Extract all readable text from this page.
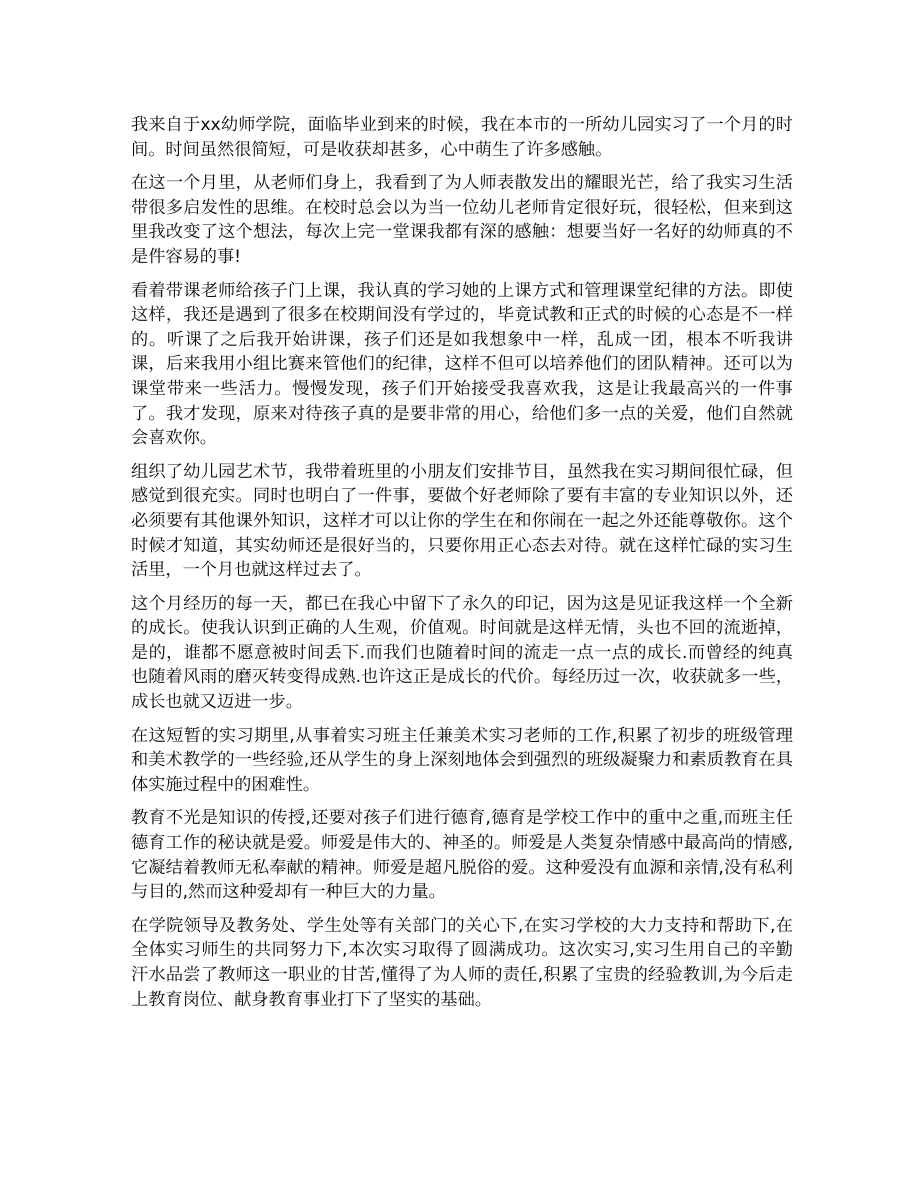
我来自于xx幼师学院，面临毕业到来的时候，我在本市的一所幼儿园实习了一个月的时间。时间虽然很简短，可是收获却甚多，心中萌生了许多感触。

在这一个月里，从老师们身上，我看到了为人师表散发出的耀眼光芒，给了我实习生活带很多启发性的思维。在校时总会以为当一位幼儿老师肯定很好玩，很轻松，但来到这里我改变了这个想法，每次上完一堂课我都有深的感触：想要当好一名好的幼师真的不是件容易的事!

看着带课老师给孩子门上课，我认真的学习她的上课方式和管理课堂纪律的方法。即使这样，我还是遇到了很多在校期间没有学过的，毕竟试教和正式的时候的心态是不一样的。听课了之后我开始讲课，孩子们还是如我想象中一样，乱成一团，根本不听我讲课，后来我用小组比赛来管他们的纪律，这样不但可以培养他们的团队精神。还可以为课堂带来一些活力。慢慢发现，孩子们开始接受我喜欢我，这是让我最高兴的一件事了。我才发现，原来对待孩子真的是要非常的用心，给他们多一点的关爱，他们自然就会喜欢你。

组织了幼儿园艺术节，我带着班里的小朋友们安排节目，虽然我在实习期间很忙碌，但感觉到很充实。同时也明白了一件事，要做个好老师除了要有丰富的专业知识以外，还必须要有其他课外知识，这样才可以让你的学生在和你闹在一起之外还能尊敬你。这个时候才知道，其实幼师还是很好当的，只要你用正心态去对待。就在这样忙碌的实习生活里，一个月也就这样过去了。

这个月经历的每一天，都已在我心中留下了永久的印记，因为这是见证我这样一个全新的成长。使我认识到正确的人生观，价值观。时间就是这样无情，头也不回的流逝掉，是的，谁都不愿意被时间丢下.而我们也随着时间的流走一点一点的成长.而曾经的纯真也随着风雨的磨灭转变得成熟.也许这正是成长的代价。每经历过一次，收获就多一些，成长也就又迈进一步。

在这短暂的实习期里,从事着实习班主任兼美术实习老师的工作,积累了初步的班级管理和美术教学的一些经验,还从学生的身上深刻地体会到强烈的班级凝聚力和素质教育在具体实施过程中的困难性。

教育不光是知识的传授,还要对孩子们进行德育,德育是学校工作中的重中之重,而班主任德育工作的秘诀就是爱。师爱是伟大的、神圣的。师爱是人类复杂情感中最高尚的情感,它凝结着教师无私奉献的精神。师爱是超凡脱俗的爱。这种爱没有血源和亲情,没有私利与目的,然而这种爱却有一种巨大的力量。

在学院领导及教务处、学生处等有关部门的关心下,在实习学校的大力支持和帮助下,在全体实习师生的共同努力下,本次实习取得了圆满成功。这次实习,实习生用自己的辛勤汗水品尝了教师这一职业的甘苦,懂得了为人师的责任,积累了宝贵的经验教训,为今后走上教育岗位、献身教育事业打下了坚实的基础。
